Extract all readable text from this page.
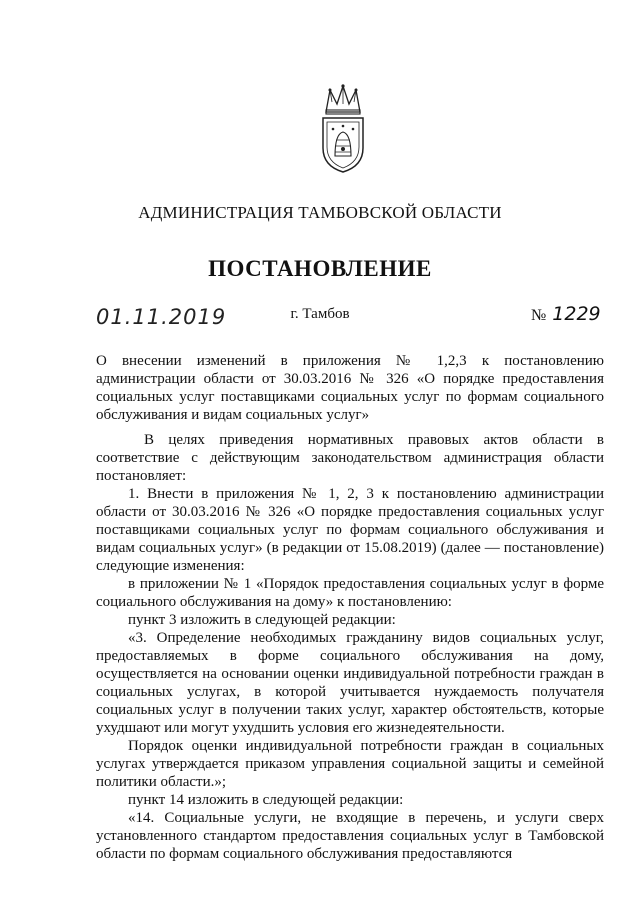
АДМИНИСТРАЦИЯ ТАМБОВСКОЙ ОБЛАСТИ
ПОСТАНОВЛЕНИЕ
01.11.2019	г. Тамбов	№ 1229
О внесении изменений в приложения № 1,2,3 к постановлению администрации области от 30.03.2016 № 326 «О порядке предоставления социальных услуг поставщиками социальных услуг по формам социального обслуживания и видам социальных услуг»

В целях приведения нормативных правовых актов области в соответствие с действующим законодательством администрация области постановляет:

1. Внести в приложения № 1, 2, 3 к постановлению администрации области от 30.03.2016 № 326 «О порядке предоставления социальных услуг поставщиками социальных услуг по формам социального обслуживания и видам социальных услуг» (в редакции от 15.08.2019) (далее — постановление) следующие изменения:

в приложении № 1 «Порядок предоставления социальных услуг в форме социального обслуживания на дому» к постановлению:

пункт 3 изложить в следующей редакции:

«3. Определение необходимых гражданину видов социальных услуг, предоставляемых в форме социального обслуживания на дому, осуществляется на основании оценки индивидуальной потребности граждан в социальных услугах, в которой учитывается нуждаемость получателя социальных услуг в получении таких услуг, характер обстоятельств, которые ухудшают или могут ухудшить условия его жизнедеятельности.

Порядок оценки индивидуальной потребности граждан в социальных услугах утверждается приказом управления социальной защиты и семейной политики области.»;

пункт 14 изложить в следующей редакции:

«14. Социальные услуги, не входящие в перечень, и услуги сверх установленного стандартом предоставления социальных услуг в Тамбовской области по формам социального обслуживания предоставляются
